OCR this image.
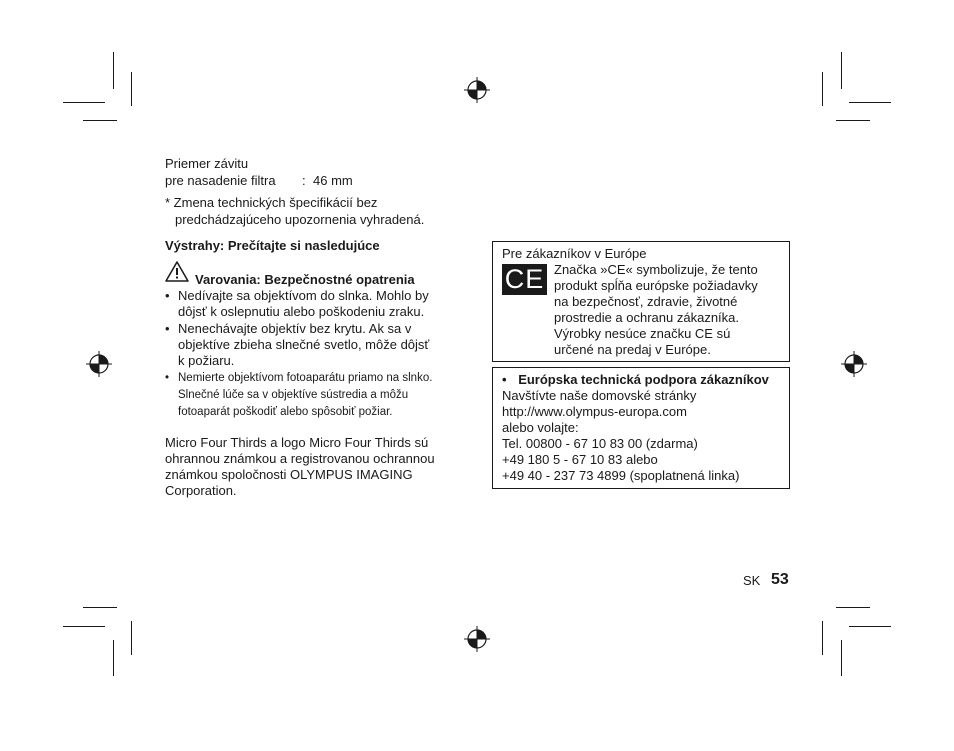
Priemer závitu
pre nasadenie filtra : 46 mm
* Zmena technických špecifikácií bez
predchádzajúceho upozornenia vyhradená.
Výstrahy: Prečítajte si nasledujúce
Varovania: Bezpečnostné opatrenia
• Nedívajte sa objektívom do slnka. Mohlo by
dôjsť k oslepnutiu alebo poškodeniu zraku.
• Nenechávajte objektív bez krytu. Ak sa v
objektíve zbieha slnečné svetlo, môže dôjsť
k požiaru.
• Nemierte objektívom fotoaparátu priamo na slnko.
Slnečné lúče sa v objektíve sústredia a môžu
fotoaparát poškodiť alebo spôsobiť požiar.
Micro Four Thirds a logo Micro Four Thirds sú
ohrannou známkou a registrovanou ochrannou
známkou spoločnosti OLYMPUS IMAGING
Corporation.
Pre zákazníkov v Európe
CE Značka »CE« symbolizuje, že tento
produkt spĺňa európske požiadavky
na bezpečnosť, zdravie, životné
prostredie a ochranu zákazníka.
Výrobky nesúce značku CE sú
určené na predaj v Európe.
• Európska technická podpora zákazníkov
Navštívte naše domovské stránky
http://www.olympus-europa.com
alebo volajte:
Tel. 00800 - 67 10 83 00 (zdarma)
+49 180 5 - 67 10 83 alebo
+49 40 - 237 73 4899 (spoplatnená linka)
SK 53
